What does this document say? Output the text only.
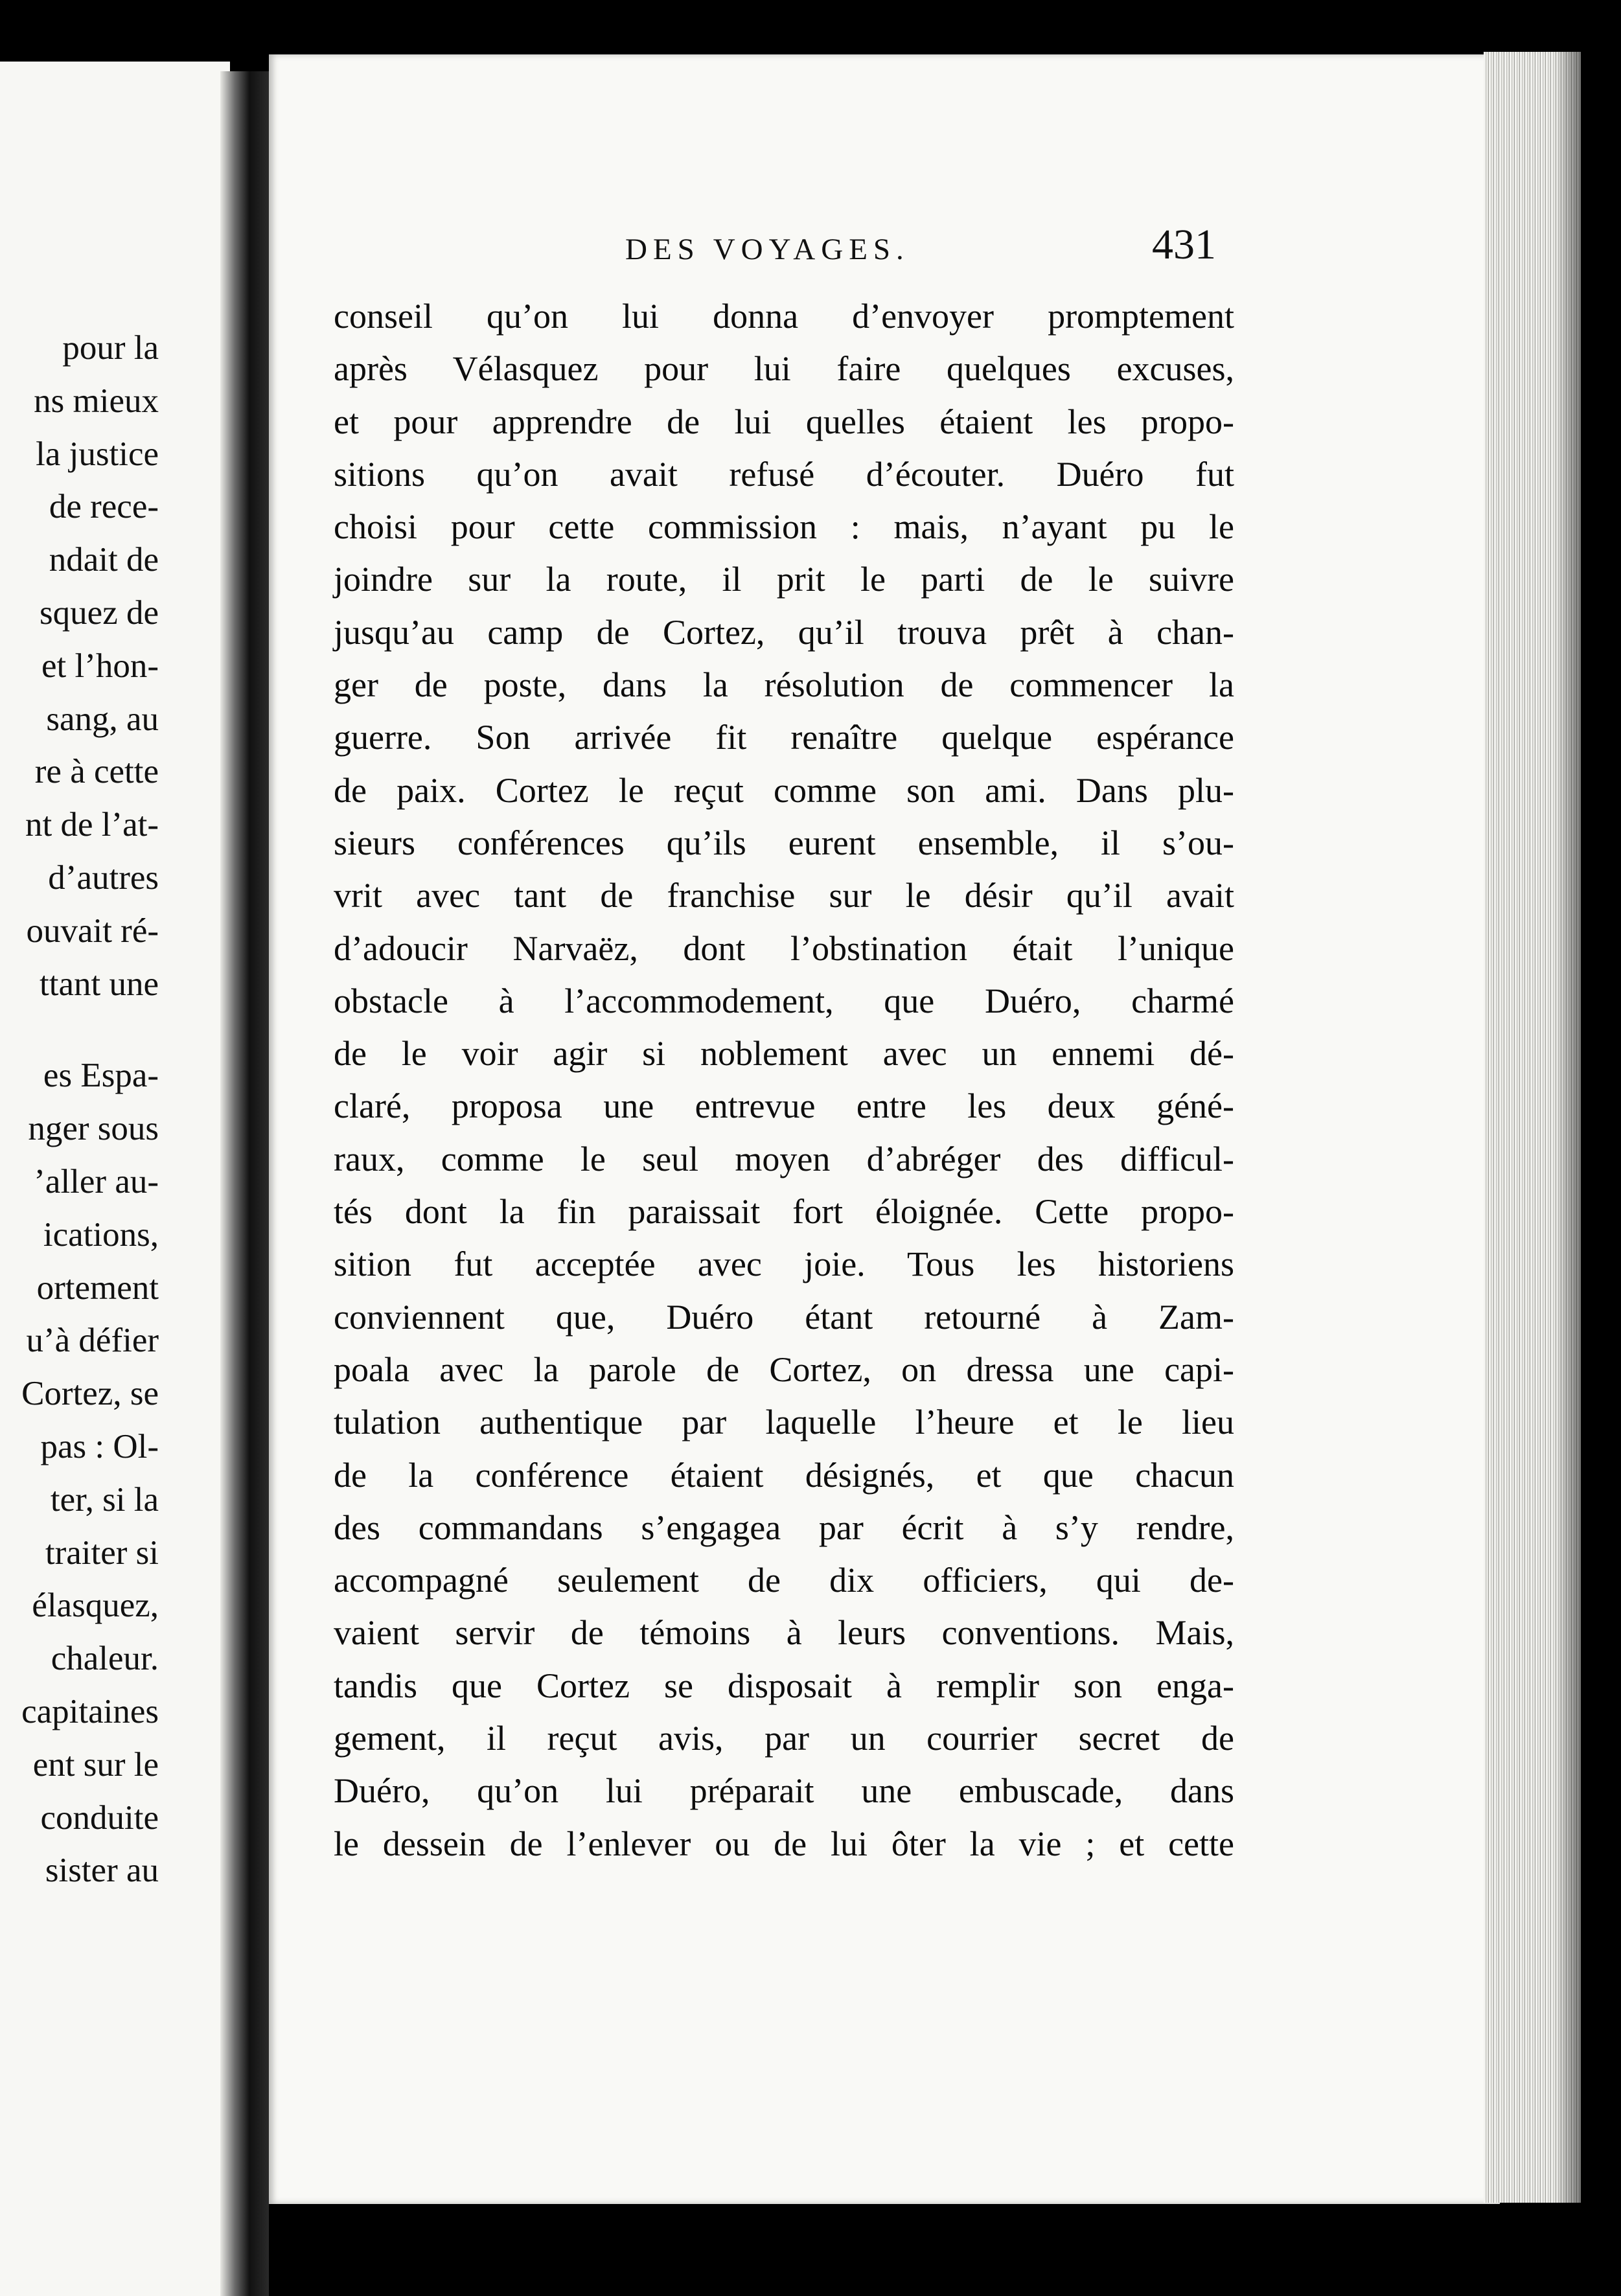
pour la
ns mieux
la justice
de rece-
ndait de
squez de
et l’hon-
sang, au
re à cette
nt de l’at-
d’autres
ouvait ré-
ttant une
es Espa-
nger sous
’aller au-
ications,
ortement
u’à défier
Cortez, se
pas : Ol-
ter, si la
traiter si
élasquez,
chaleur.
capitaines
ent sur le
conduite
sister au
DES VOYAGES.	431
conseil qu’on lui donna d’envoyer promptement
après Vélasquez pour lui faire quelques excuses,
et pour apprendre de lui quelles étaient les propo-
sitions qu’on avait refusé d’écouter. Duéro fut
choisi pour cette commission : mais, n’ayant pu le
joindre sur la route, il prit le parti de le suivre
jusqu’au camp de Cortez, qu’il trouva prêt à chan-
ger de poste, dans la résolution de commencer la
guerre. Son arrivée fit renaître quelque espérance
de paix. Cortez le reçut comme son ami. Dans plu-
sieurs conférences qu’ils eurent ensemble, il s’ou-
vrit avec tant de franchise sur le désir qu’il avait
d’adoucir Narvaëz, dont l’obstination était l’unique
obstacle à l’accommodement, que Duéro, charmé
de le voir agir si noblement avec un ennemi dé-
claré, proposa une entrevue entre les deux géné-
raux, comme le seul moyen d’abréger des difficul-
tés dont la fin paraissait fort éloignée. Cette propo-
sition fut acceptée avec joie. Tous les historiens
conviennent que, Duéro étant retourné à Zam-
poala avec la parole de Cortez, on dressa une capi-
tulation authentique par laquelle l’heure et le lieu
de la conférence étaient désignés, et que chacun
des commandans s’engagea par écrit à s’y rendre,
accompagné seulement de dix officiers, qui de-
vaient servir de témoins à leurs conventions. Mais,
tandis que Cortez se disposait à remplir son enga-
gement, il reçut avis, par un courrier secret de
Duéro, qu’on lui préparait une embuscade, dans
le dessein de l’enlever ou de lui ôter la vie ; et cette
